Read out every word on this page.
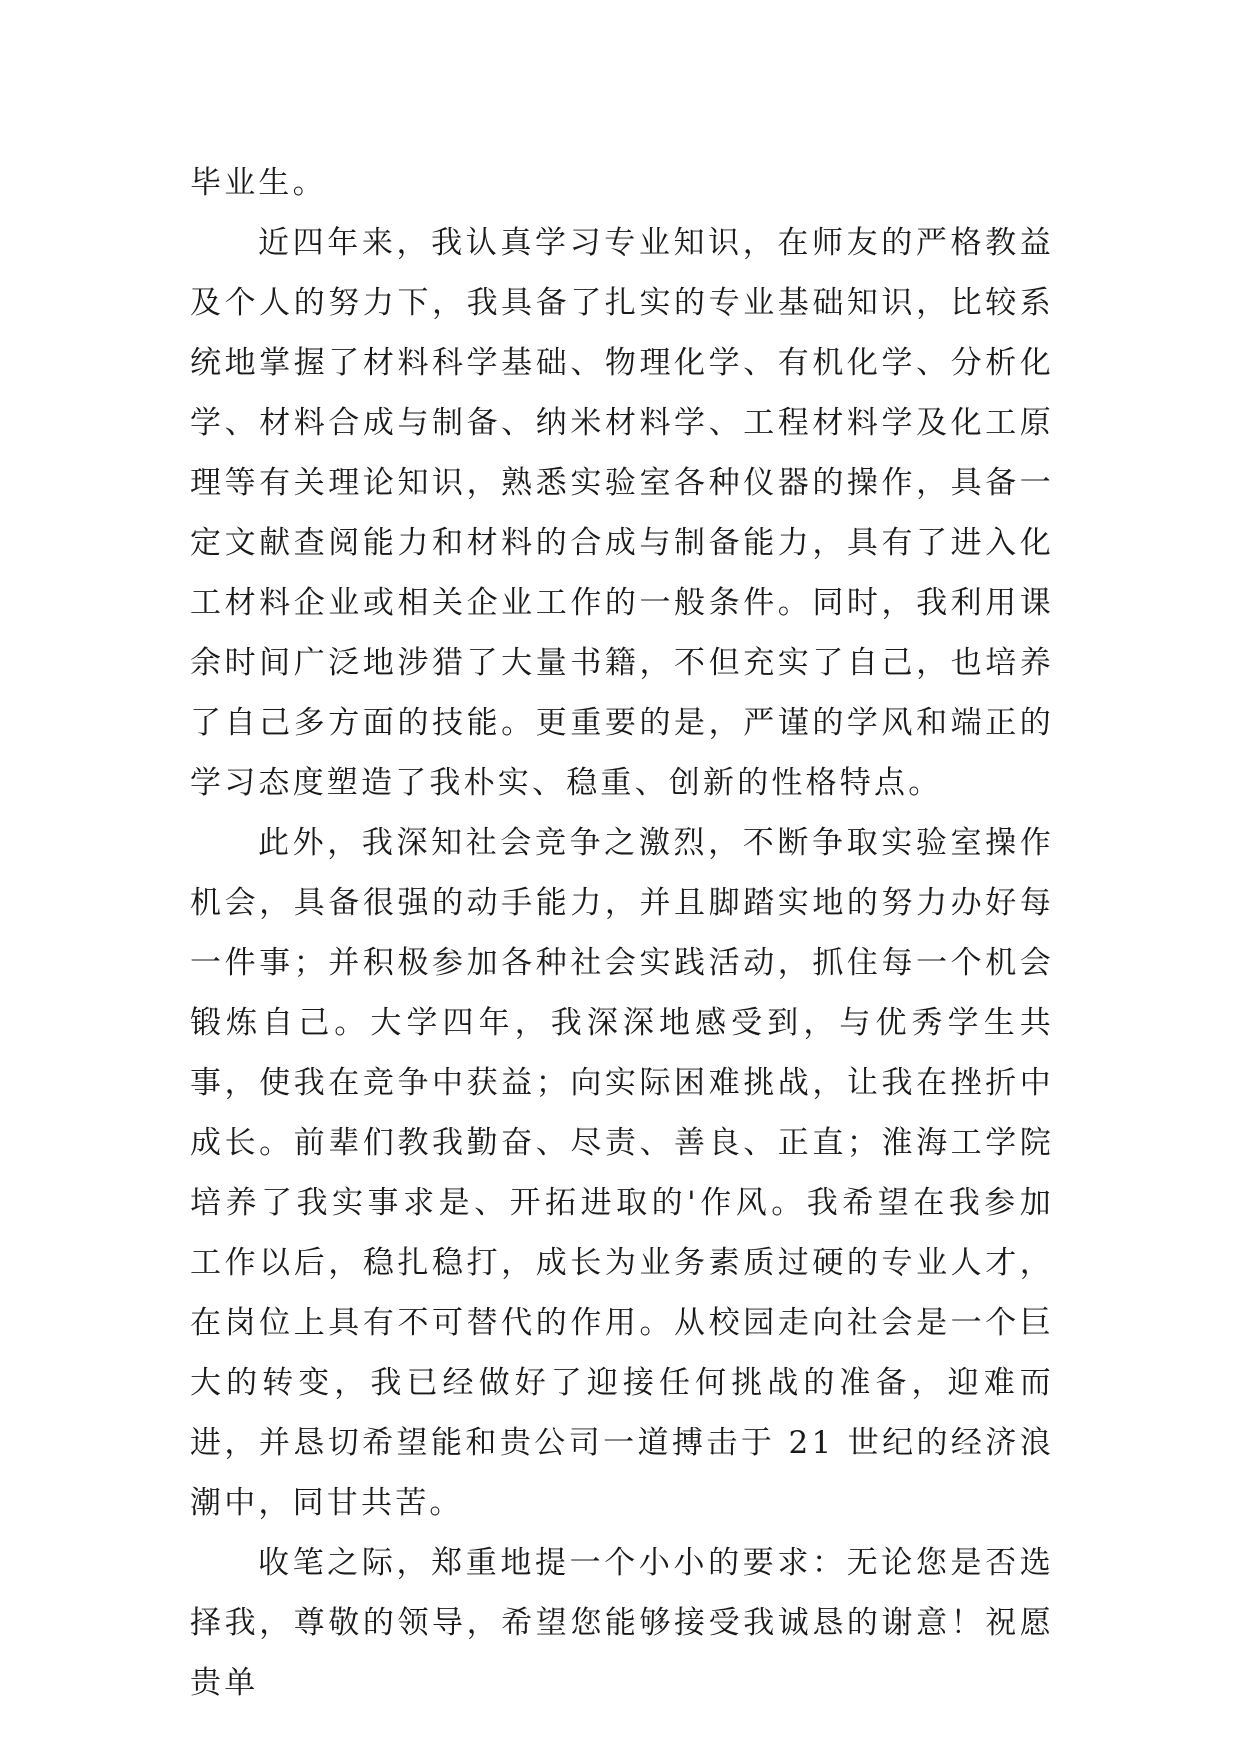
毕业生。

近四年来，我认真学习专业知识，在师友的严格教益及个人的努力下，我具备了扎实的专业基础知识，比较系统地掌握了材料科学基础、物理化学、有机化学、分析化学、材料合成与制备、纳米材料学、工程材料学及化工原理等有关理论知识，熟悉实验室各种仪器的操作，具备一定文献查阅能力和材料的合成与制备能力，具有了进入化工材料企业或相关企业工作的一般条件。同时，我利用课余时间广泛地涉猎了大量书籍，不但充实了自己，也培养了自己多方面的技能。更重要的是，严谨的学风和端正的学习态度塑造了我朴实、稳重、创新的性格特点。

此外，我深知社会竞争之激烈，不断争取实验室操作机会，具备很强的动手能力，并且脚踏实地的努力办好每一件事；并积极参加各种社会实践活动，抓住每一个机会锻炼自己。大学四年，我深深地感受到，与优秀学生共事，使我在竞争中获益；向实际困难挑战，让我在挫折中成长。前辈们教我勤奋、尽责、善良、正直；淮海工学院培养了我实事求是、开拓进取的'作风。我希望在我参加工作以后，稳扎稳打，成长为业务素质过硬的专业人才，在岗位上具有不可替代的作用。从校园走向社会是一个巨大的转变，我已经做好了迎接任何挑战的准备，迎难而进，并恳切希望能和贵公司一道搏击于 21 世纪的经济浪潮中，同甘共苦。

收笔之际，郑重地提一个小小的要求：无论您是否选择我，尊敬的领导，希望您能够接受我诚恳的谢意！祝愿贵单
